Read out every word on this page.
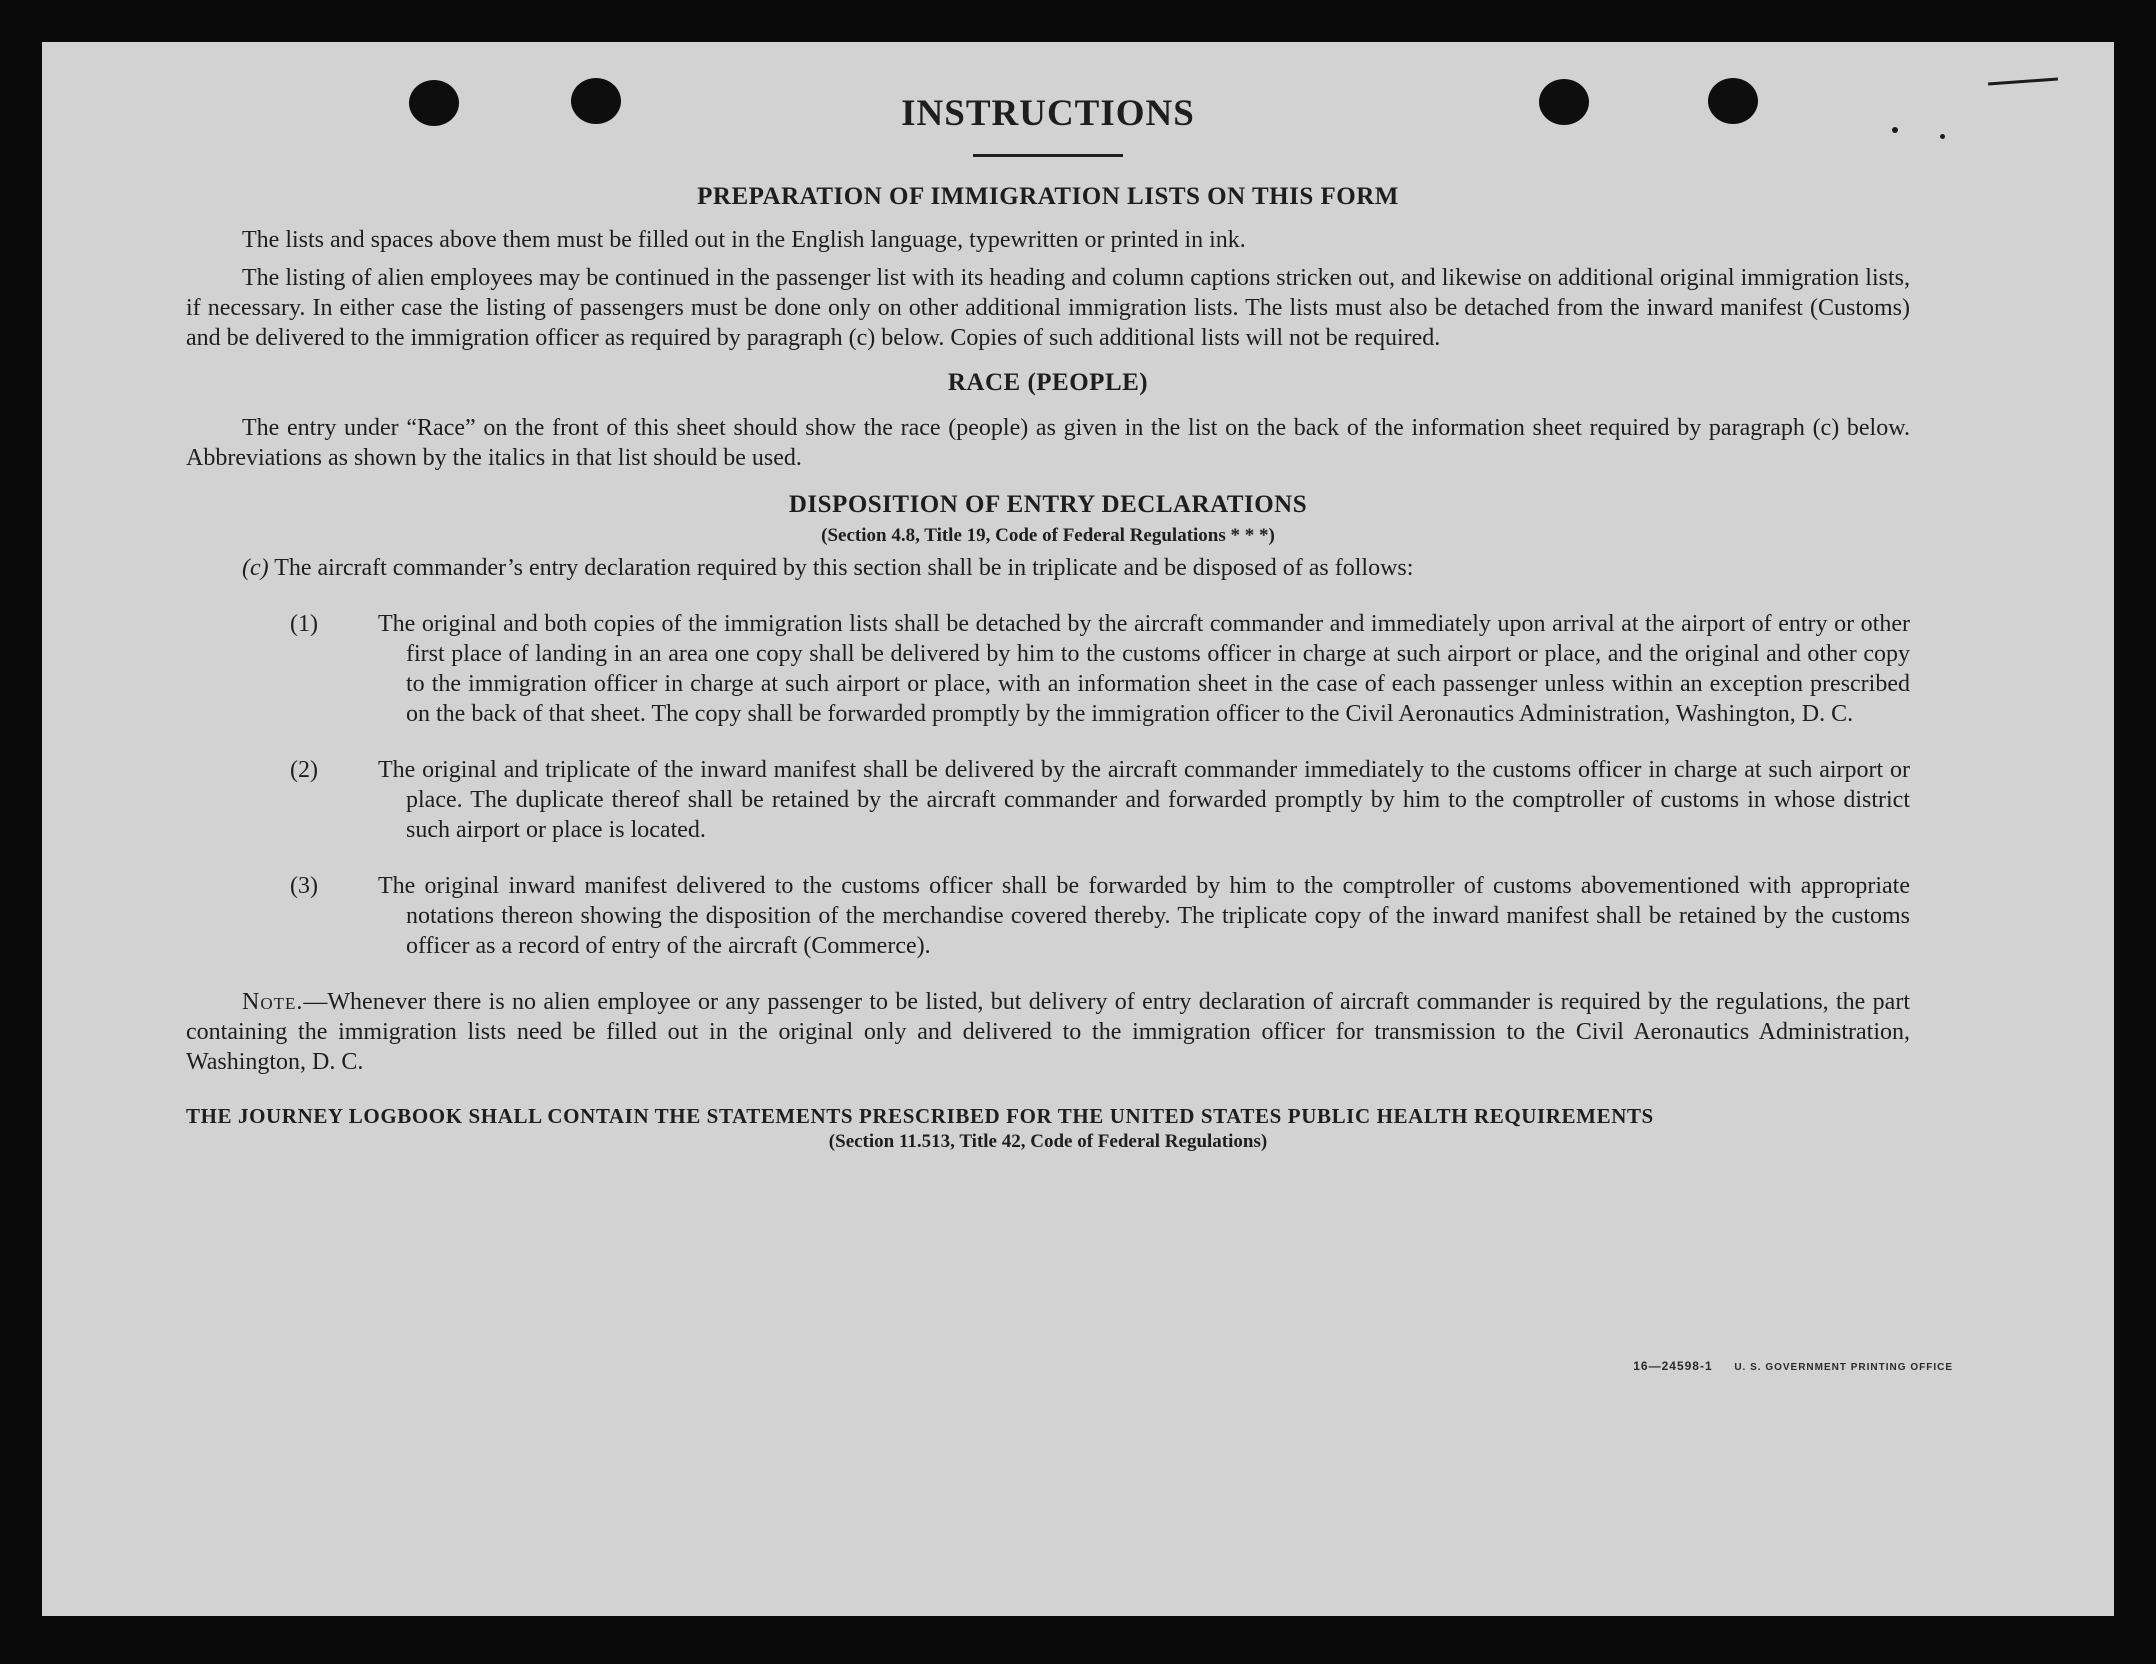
INSTRUCTIONS
PREPARATION OF IMMIGRATION LISTS ON THIS FORM

The lists and spaces above them must be filled out in the English language, typewritten or printed in ink.

The listing of alien employees may be continued in the passenger list with its heading and column captions stricken out, and likewise on additional original immigration lists, if necessary. In either case the listing of passengers must be done only on other additional immigration lists. The lists must also be detached from the inward manifest (Customs) and be delivered to the immigration officer as required by paragraph (c) below. Copies of such additional lists will not be required.

RACE (PEOPLE)

The entry under “Race” on the front of this sheet should show the race (people) as given in the list on the back of the information sheet required by paragraph (c) below. Abbreviations as shown by the italics in that list should be used.

DISPOSITION OF ENTRY DECLARATIONS
(Section 4.8, Title 19, Code of Federal Regulations * * *)

(c) The aircraft commander’s entry declaration required by this section shall be in triplicate and be disposed of as follows:

(1)	The original and both copies of the immigration lists shall be detached by the aircraft commander and immediately upon arrival at the airport of entry or other first place of landing in an area one copy shall be delivered by him to the customs officer in charge at such airport or place, and the original and other copy to the immigration officer in charge at such airport or place, with an information sheet in the case of each passenger unless within an exception prescribed on the back of that sheet. The copy shall be forwarded promptly by the immigration officer to the Civil Aeronautics Administration, Washington, D. C.
(2)	The original and triplicate of the inward manifest shall be delivered by the aircraft commander immediately to the customs officer in charge at such airport or place. The duplicate thereof shall be retained by the aircraft commander and forwarded promptly by him to the comptroller of customs in whose district such airport or place is located.
(3)	The original inward manifest delivered to the customs officer shall be forwarded by him to the comptroller of customs abovementioned with appropriate notations thereon showing the disposition of the merchandise covered thereby. The triplicate copy of the inward manifest shall be retained by the customs officer as a record of entry of the aircraft (Commerce).

Note.—Whenever there is no alien employee or any passenger to be listed, but delivery of entry declaration of aircraft commander is required by the regulations, the part containing the immigration lists need be filled out in the original only and delivered to the immigration officer for transmission to the Civil Aeronautics Administration, Washington, D. C.

THE JOURNEY LOGBOOK SHALL CONTAIN THE STATEMENTS PRESCRIBED FOR THE UNITED STATES PUBLIC HEALTH REQUIREMENTS

(Section 11.513, Title 42, Code of Federal Regulations)
16—24598-1 U. S. GOVERNMENT PRINTING OFFICE
